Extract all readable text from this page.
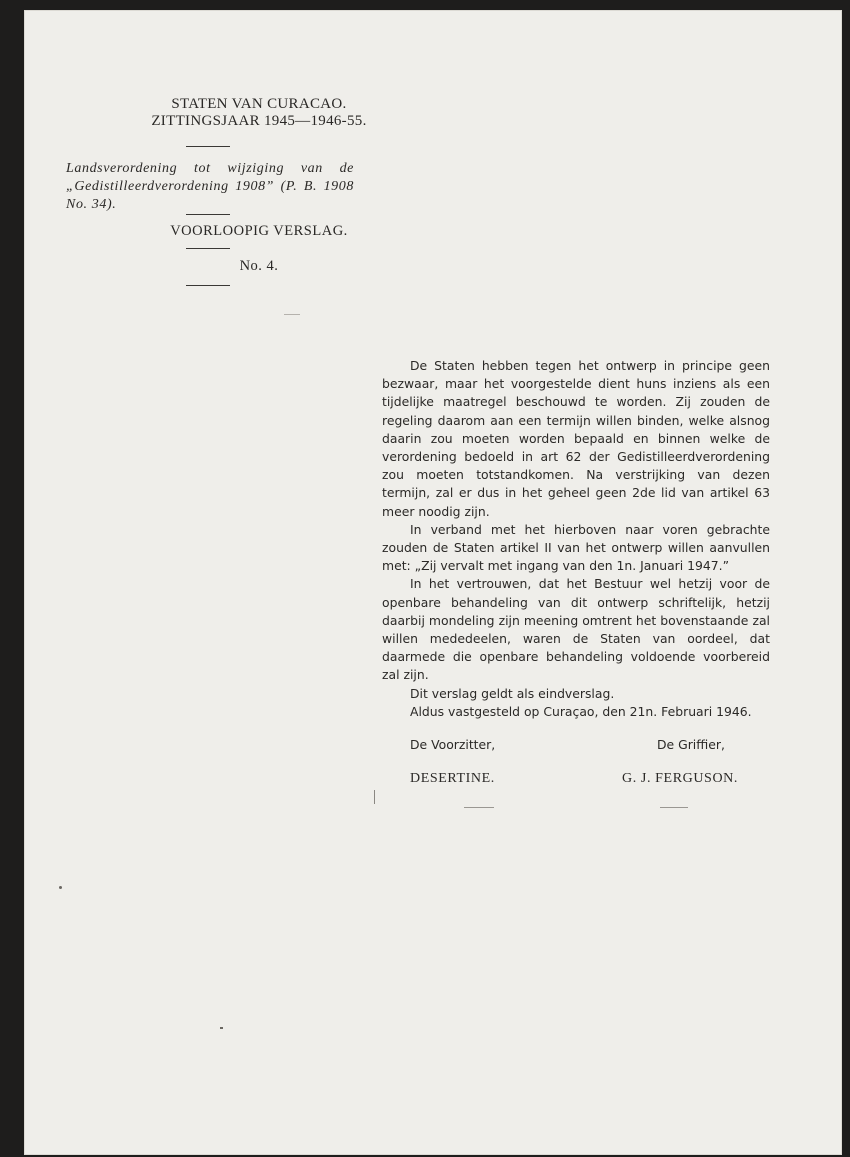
STATEN VAN CURACAO.
ZITTINGSJAAR 1945—1946-55.
Landsverordening tot wijziging van de „Gedistilleerdverordening 1908” (P. B. 1908 No. 34).
VOORLOOPIG VERSLAG.
No. 4.

De Staten hebben tegen het ontwerp in principe geen bezwaar, maar het voorgestelde dient huns inziens als een tijdelijke maatregel beschouwd te worden. Zij zouden de regeling daarom aan een termijn willen binden, welke alsnog daarin zou moeten worden bepaald en binnen welke de verordening bedoeld in art 62 der Gedistilleerdverordening zou moeten totstandkomen. Na verstrijking van dezen termijn, zal er dus in het geheel geen 2de lid van artikel 63 meer noodig zijn.

In verband met het hierboven naar voren gebrachte zouden de Staten artikel II van het ontwerp willen aanvullen met: „Zij vervalt met ingang van den 1n. Januari 1947.”

In het vertrouwen, dat het Bestuur wel hetzij voor de openbare behandeling van dit ontwerp schriftelijk, hetzij daarbij mondeling zijn meening omtrent het bovenstaande zal willen mededeelen, waren de Staten van oordeel, dat daarmede die openbare behandeling voldoende voorbereid zal zijn.

Dit verslag geldt als eindverslag.

Aldus vastgesteld op Curaçao, den 21n. Februari 1946.

De Voorzitter,	De Griffier,
DESERTINE.	G. J. FERGUSON.
